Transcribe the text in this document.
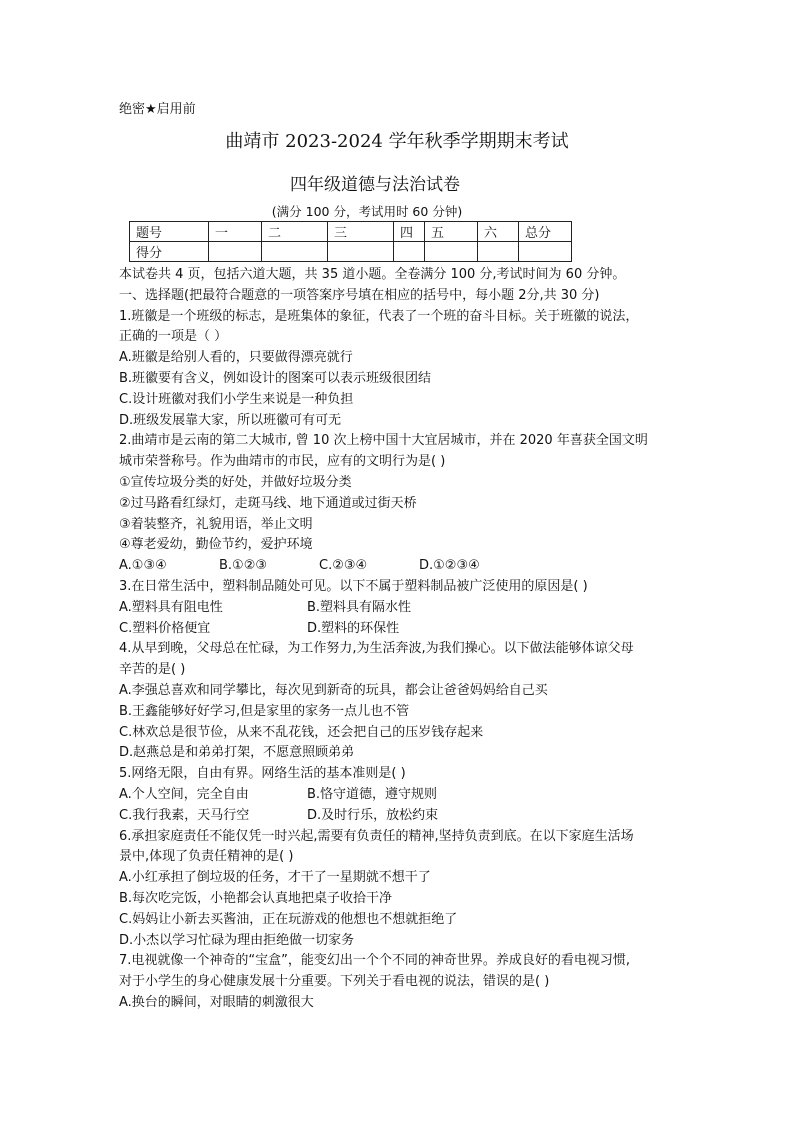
绝密★启用前
曲靖市 2023-2024 学年秋季学期期末考试
四年级道德与法治试卷
(满分 100 分，考试用时 60 分钟)
题号	一	二	三	四	五	六	总分
得分							
本试卷共 4 页，包括六道大题，共 35 道小题。全卷满分 100 分,考试时间为 60 分钟。
一、选择题(把最符合题意的一项答案序号填在相应的括号中，每小题 2分,共 30 分)
1.班徽是一个班级的标志，是班集体的象征，代表了一个班的奋斗目标。关于班徽的说法，
正确的一项是（ ）
A.班徽是给别人看的，只要做得漂亮就行
B.班徽要有含义，例如设计的图案可以表示班级很团结
C.设计班徽对我们小学生来说是一种负担
D.班级发展靠大家，所以班徽可有可无
2.曲靖市是云南的第二大城市, 曾 10 次上榜中国十大宜居城市，并在 2020 年喜获全国文明
城市荣誉称号。作为曲靖市的市民，应有的文明行为是( )
①宣传垃圾分类的好处，并做好垃圾分类
②过马路看红绿灯，走斑马线、地下通道或过街天桥
③着装整齐，礼貌用语，举止文明
④尊老爱幼，勤俭节约，爱护环境
A.①③④	B.①②③	C.②③④	D.①②③④
3.在日常生活中，塑料制品随处可见。以下不属于塑料制品被广泛使用的原因是( )
A.塑料具有阻电性	B.塑料具有隔水性
C.塑料价格便宜	D.塑料的环保性
4.从早到晚，父母总在忙碌，为工作努力,为生活奔波,为我们操心。以下做法能够体谅父母
辛苦的是( )
A.李强总喜欢和同学攀比，每次见到新奇的玩具，都会让爸爸妈妈给自己买
B.王鑫能够好好学习,但是家里的家务一点儿也不管
C.林欢总是很节俭，从来不乱花钱，还会把自己的压岁钱存起来
D.赵燕总是和弟弟打架，不愿意照顾弟弟
5.网络无限，自由有界。网络生活的基本准则是( )
A.个人空间，完全自由	B.恪守道德，遵守规则
C.我行我素，天马行空	D.及时行乐，放松约束
6.承担家庭责任不能仅凭一时兴起,需要有负责任的精神,坚持负责到底。在以下家庭生活场
景中,体现了负责任精神的是( )
A.小红承担了倒垃圾的任务，才干了一星期就不想干了
B.每次吃完饭，小艳都会认真地把桌子收拾干净
C.妈妈让小新去买酱油，正在玩游戏的他想也不想就拒绝了
D.小杰以学习忙碌为理由拒绝做一切家务
7.电视就像一个神奇的“宝盒”，能变幻出一个个不同的神奇世界。养成良好的看电视习惯,
对于小学生的身心健康发展十分重要。下列关于看电视的说法，错误的是( )
A.换台的瞬间，对眼睛的刺激很大
